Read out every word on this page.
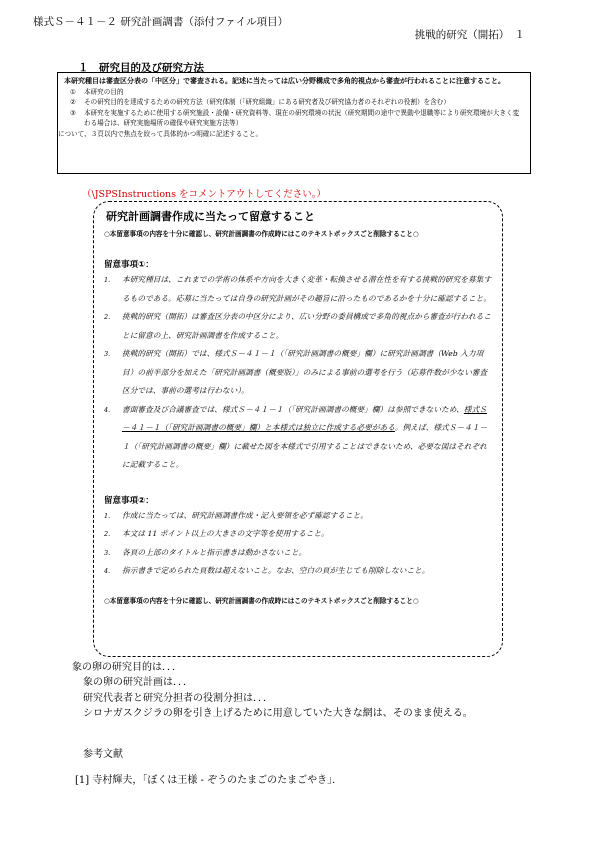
様式Ｓ－４１－２ 研究計画調書（添付ファイル項目）
挑戦的研究（開拓）　１
１　研究目的及び研究方法
本研究種目は審査区分表の「中区分」で審査される。記述に当たっては広い分野構成で多角的視点から審査が行われることに注意すること。
①	本研究の目的
②	その研究目的を達成するための研究方法（研究体制（「研究組織」にある研究者及び研究協力者のそれぞれの役割）を含む）
③	本研究を実施するために使用する研究施設・設備・研究資料等、現在の研究環境の状況（研究期間の途中で異動や退職等により研究環境が大きく変わる場合は、研究実施場所の確保や研究実施方法等）
について、３頁以内で焦点を絞って具体的かつ明確に記述すること。
（\JSPSInstructions をコメントアウトしてください。）
研究計画調書作成に当たって留意すること
○本留意事項の内容を十分に確認し、研究計画調書の作成時にはこのテキストボックスごと削除すること○
留意事項①：
1.	本研究種目は、これまでの学術の体系や方向を大きく変革・転換させる潜在性を有する挑戦的研究を募集するものである。応募に当たっては自身の研究計画がその趣旨に沿ったものであるかを十分に確認すること。
2.	挑戦的研究（開拓）は審査区分表の中区分により、広い分野の委員構成で多角的視点から審査が行われることに留意の上、研究計画調書を作成すること。
3.	挑戦的研究（開拓）では、様式Ｓ－４１－１（「研究計画調書の概要」欄）に研究計画調書（Web 入力項目）の前半部分を加えた「研究計画調書（概要版）」のみによる事前の選考を行う（応募件数が少ない審査区分では、事前の選考は行わない）。
4.	書面審査及び合議審査では、様式Ｓ－４１－１（「研究計画調書の概要」欄）は参照できないため、様式Ｓ－４１－１（「研究計画調書の概要」欄）と本様式は独立に作成する必要がある。例えば、様式Ｓ－４１－１（「研究計画調書の概要」欄）に載せた図を本様式で引用することはできないため、必要な図はそれぞれに記載すること。
留意事項②：
1.	作成に当たっては、研究計画調書作成・記入要領を必ず確認すること。
2.	本文は 11 ポイント以上の大きさの文字等を使用すること。
3.	各頁の上部のタイトルと指示書きは動かさないこと。
4.	指示書きで定められた頁数は超えないこと。なお、空白の頁が生じても削除しないこと。
○本留意事項の内容を十分に確認し、研究計画調書の作成時にはこのテキストボックスごと削除すること○
象の卵の研究目的は．．．
象の卵の研究計画は．．．
研究代表者と研究分担者の役割分担は．．．
シロナガスクジラの卵を引き上げるために用意していた大きな網は、そのまま使える。
参考文献
[1] 寺村輝夫，「ぼくは王様 - ぞうのたまごのたまごやき」．
